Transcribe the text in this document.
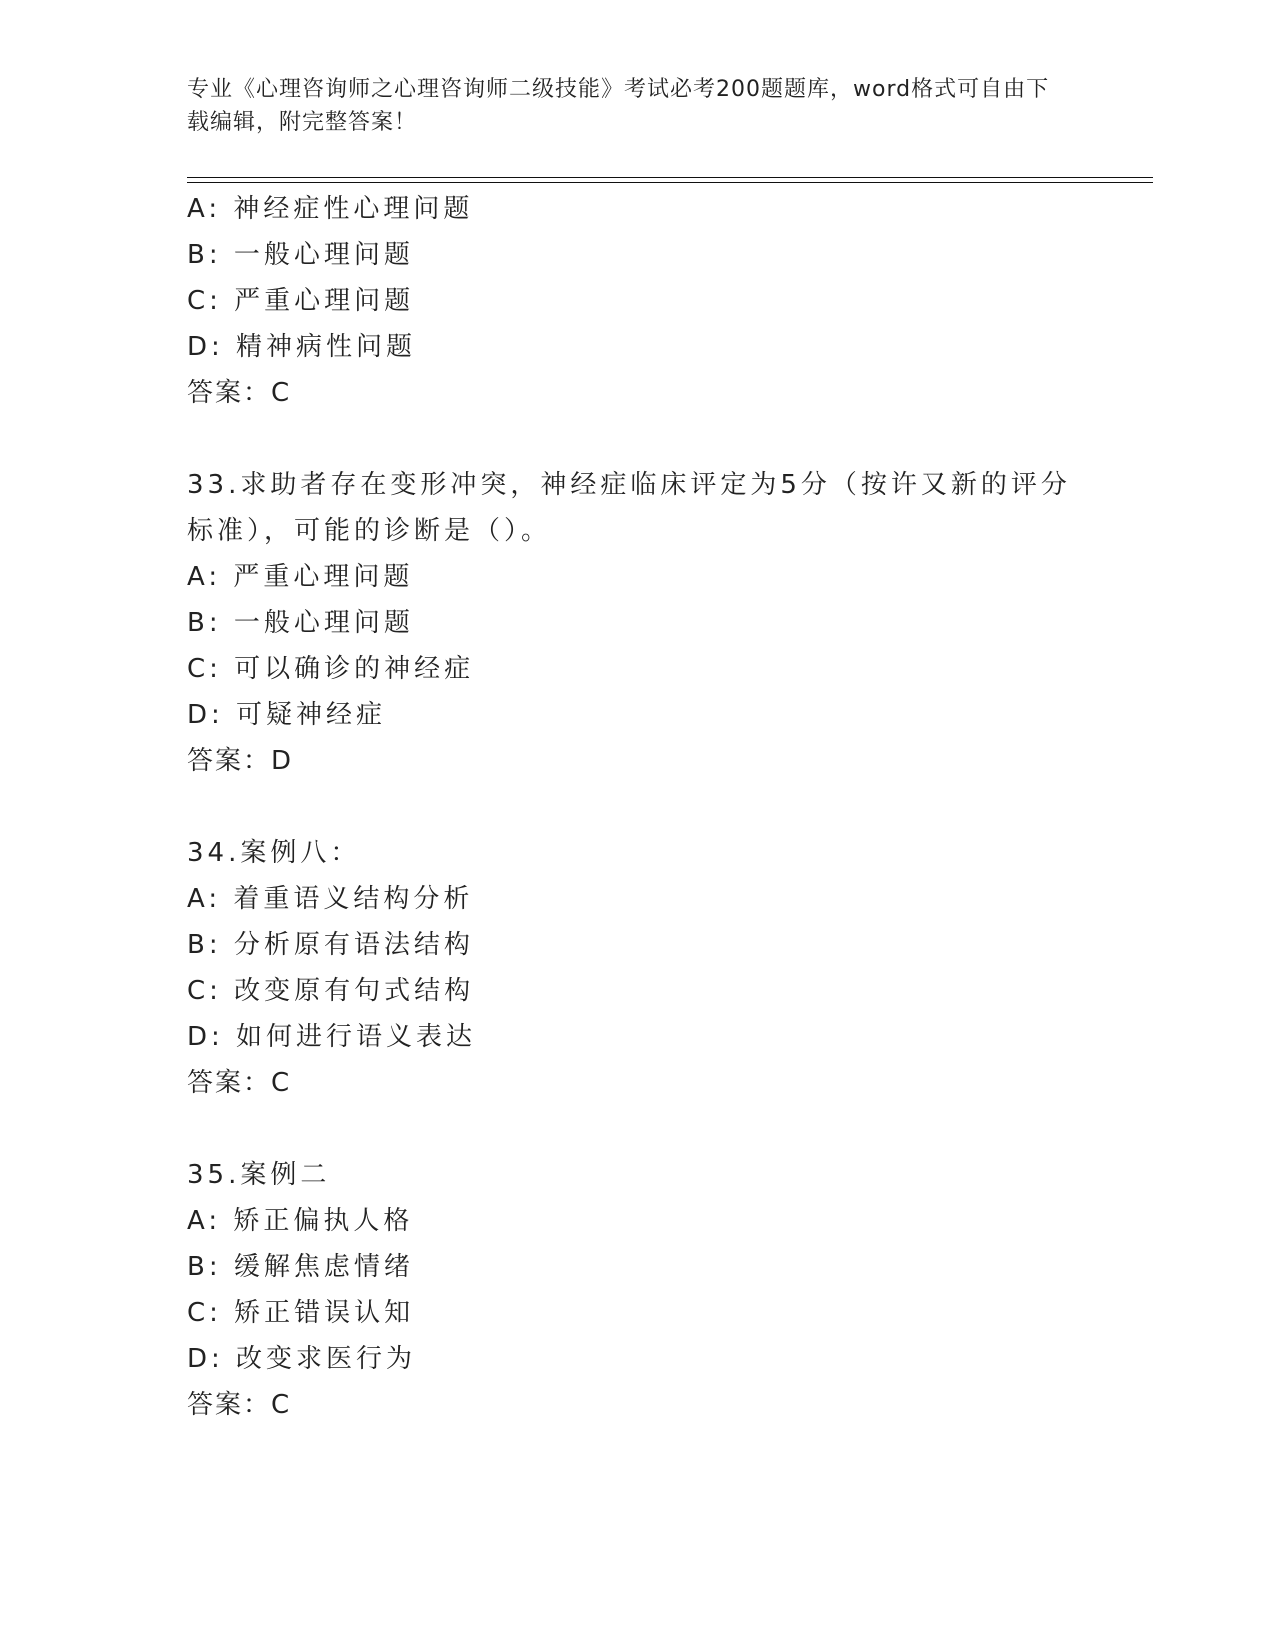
专业《心理咨询师之心理咨询师二级技能》考试必考200题题库，word格式可自由下载编辑，附完整答案！
A: 神经症性心理问题
B: 一般心理问题
C: 严重心理问题
D: 精神病性问题
答案：C
33.求助者存在变形冲突，神经症临床评定为5分（按许又新的评分标准），可能的诊断是（）。
A: 严重心理问题
B: 一般心理问题
C: 可以确诊的神经症
D: 可疑神经症
答案：D
34.案例八：
A: 着重语义结构分析
B: 分析原有语法结构
C: 改变原有句式结构
D: 如何进行语义表达
答案：C
35.案例二
A: 矫正偏执人格
B: 缓解焦虑情绪
C: 矫正错误认知
D: 改变求医行为
答案：C
